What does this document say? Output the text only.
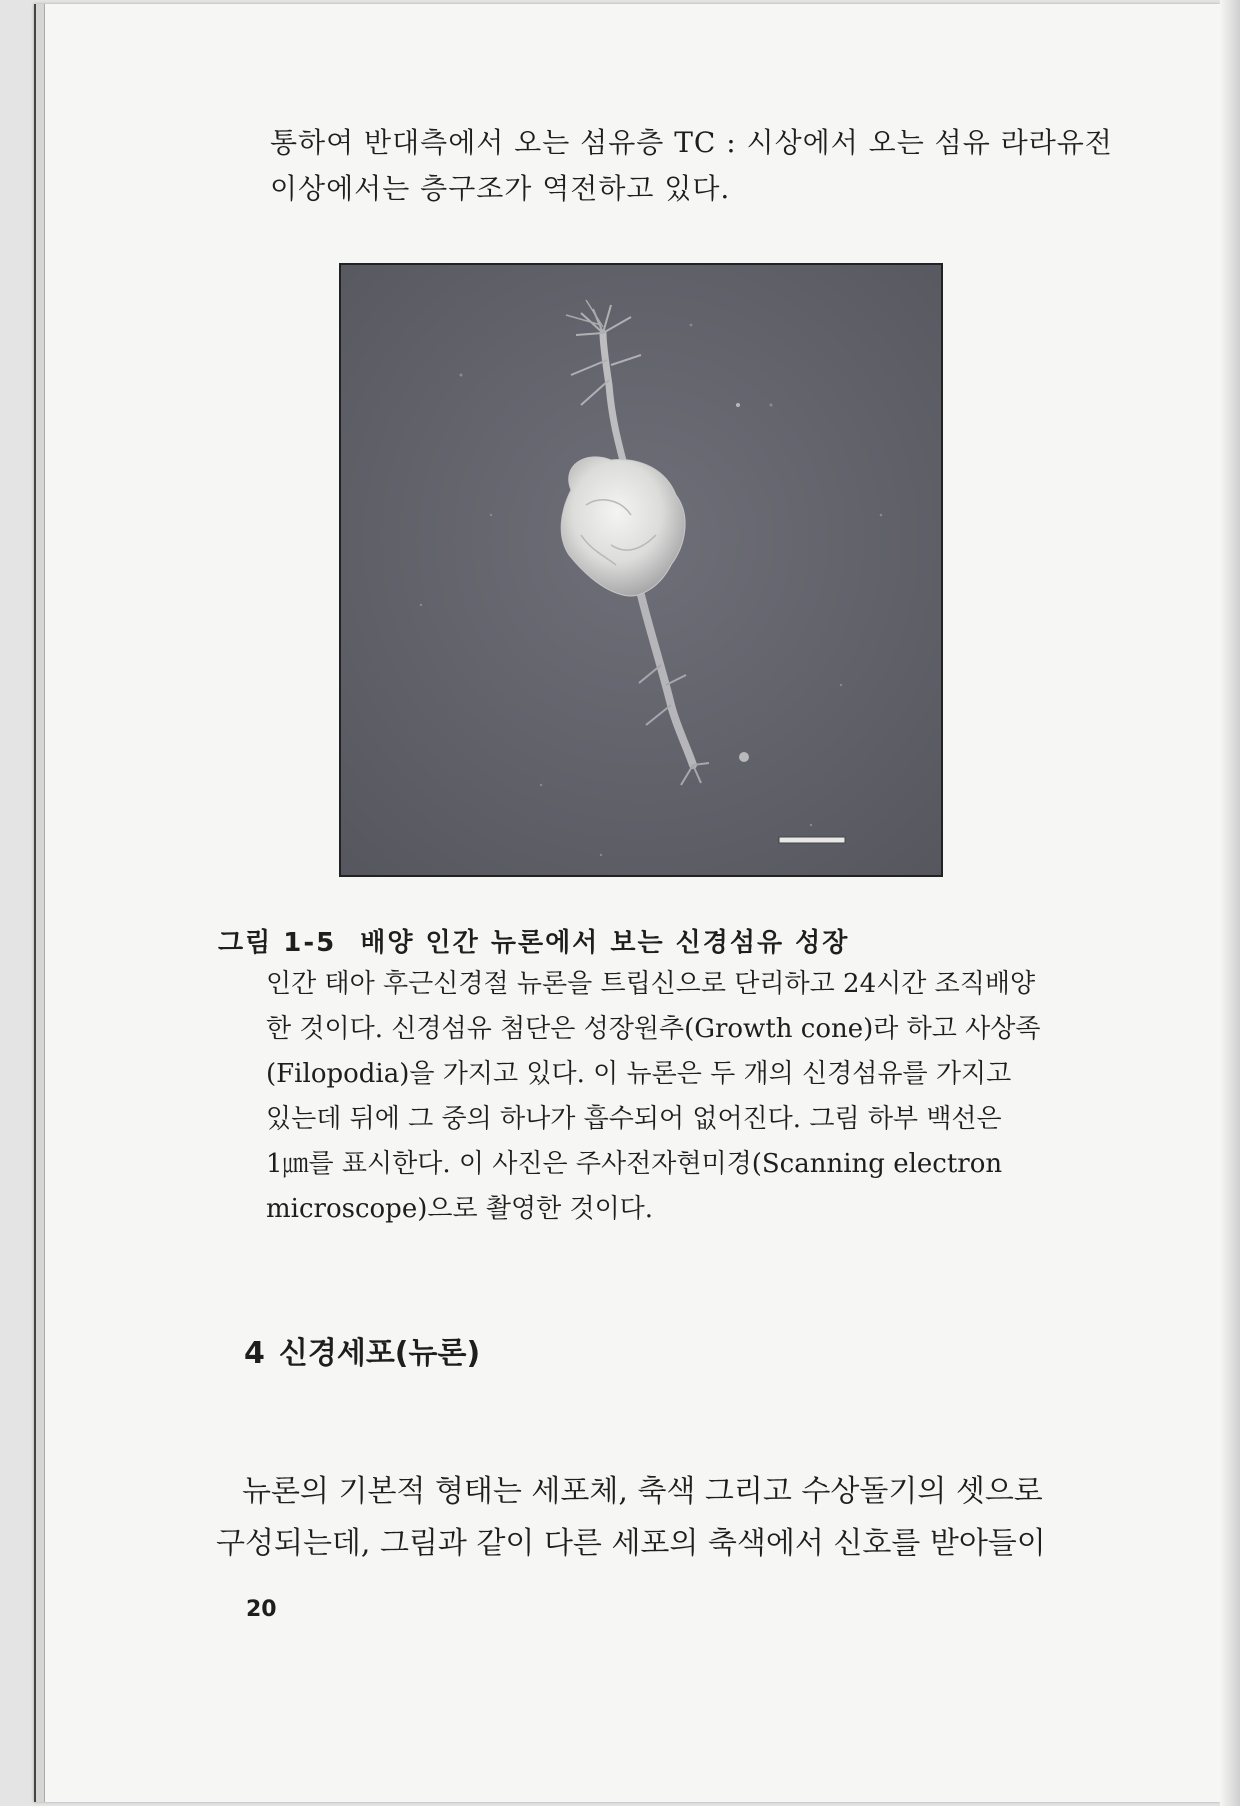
통하여 반대측에서 오는 섬유층 TC : 시상에서 오는 섬유 라라유전

이상에서는 층구조가 역전하고 있다.

그림 1-5 배양 인간 뉴론에서 보는 신경섬유 성장

인간 태아 후근신경절 뉴론을 트립신으로 단리하고 24시간 조직배양

한 것이다. 신경섬유 첨단은 성장원추(Growth cone)라 하고 사상족

(Filopodia)을 가지고 있다. 이 뉴론은 두 개의 신경섬유를 가지고

있는데 뒤에 그 중의 하나가 흡수되어 없어진다. 그림 하부 백선은

1㎛를 표시한다. 이 사진은 주사전자현미경(Scanning electron

microscope)으로 촬영한 것이다.

4 신경세포(뉴론)

뉴론의 기본적 형태는 세포체, 축색 그리고 수상돌기의 셋으로

구성되는데, 그림과 같이 다른 세포의 축색에서 신호를 받아들이

20
